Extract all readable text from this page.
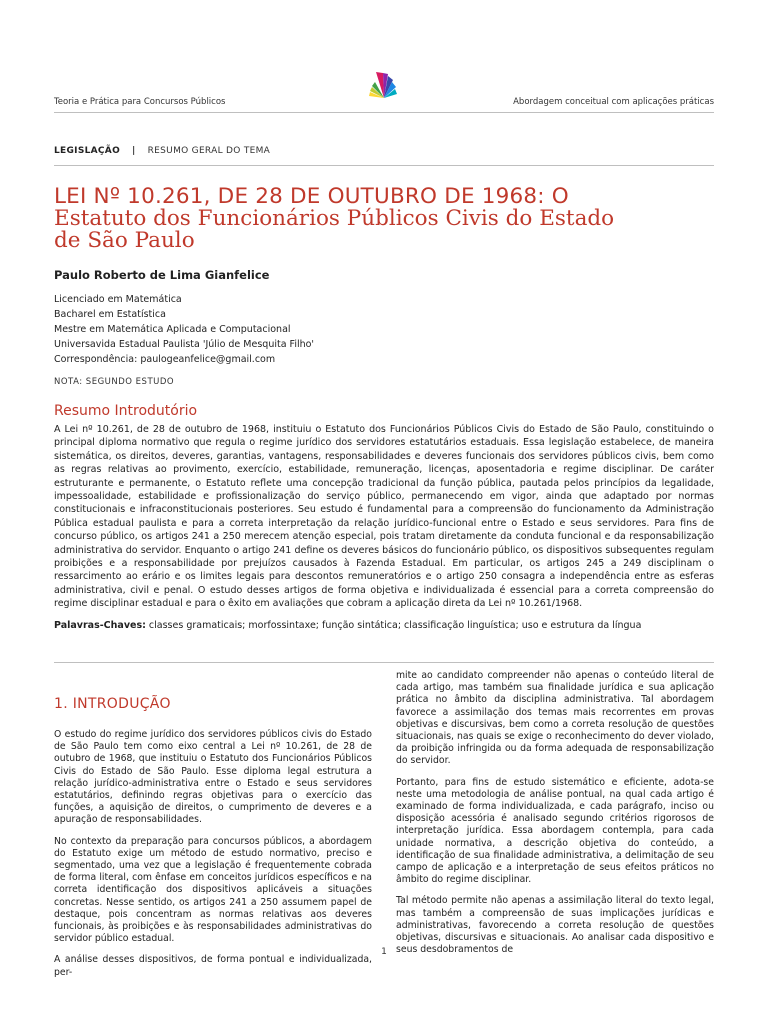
Teoria e Prática para Concursos Públicos	Abordagem conceitual com aplicações práticas
LEGISLAÇÃO | RESUMO GERAL DO TEMA
LEI Nº 10.261, DE 28 DE OUTUBRO DE 1968: O
Estatuto dos Funcionários Públicos Civis do Estado
de São Paulo
Paulo Roberto de Lima Gianfelice
Licenciado em Matemática
Bacharel em Estatística
Mestre em Matemática Aplicada e Computacional
Universavida Estadual Paulista 'Júlio de Mesquita Filho'
Correspondência: paulogeanfelice@gmail.com
NOTA: SEGUNDO ESTUDO
Resumo Introdutório
A Lei nº 10.261, de 28 de outubro de 1968, instituiu o Estatuto dos Funcionários Públicos Civis do Estado de São Paulo, constituindo o principal diploma normativo que regula o regime jurídico dos servidores estatutários estaduais. Essa legislação estabelece, de maneira sistemática, os direitos, deveres, garantias, vantagens, responsabilidades e deveres funcionais dos servidores públicos civis, bem como as regras relativas ao provimento, exercício, estabilidade, remuneração, licenças, aposentadoria e regime disciplinar. De caráter estruturante e permanente, o Estatuto reflete uma concepção tradicional da função pública, pautada pelos princípios da legalidade, impessoalidade, estabilidade e profissionalização do serviço público, permanecendo em vigor, ainda que adaptado por normas constitucionais e infraconstitucionais posteriores. Seu estudo é fundamental para a compreensão do funcionamento da Administração Pública estadual paulista e para a correta interpretação da relação jurídico-funcional entre o Estado e seus servidores. Para fins de concurso público, os artigos 241 a 250 merecem atenção especial, pois tratam diretamente da conduta funcional e da responsabilização administrativa do servidor. Enquanto o artigo 241 define os deveres básicos do funcionário público, os dispositivos subsequentes regulam proibições e a responsabilidade por prejuízos causados à Fazenda Estadual. Em particular, os artigos 245 a 249 disciplinam o ressarcimento ao erário e os limites legais para descontos remuneratórios e o artigo 250 consagra a independência entre as esferas administrativa, civil e penal. O estudo desses artigos de forma objetiva e individualizada é essencial para a correta compreensão do regime disciplinar estadual e para o êxito em avaliações que cobram a aplicação direta da Lei nº 10.261/1968.
Palavras-Chaves: classes gramaticais; morfossintaxe; função sintática; classificação linguística; uso e estrutura da língua
1. INTRODUÇÃO

O estudo do regime jurídico dos servidores públicos civis do Estado de São Paulo tem como eixo central a Lei nº 10.261, de 28 de outubro de 1968, que instituiu o Estatuto dos Funcionários Públicos Civis do Estado de São Paulo. Esse diploma legal estrutura a relação jurídico-administrativa entre o Estado e seus servidores estatutários, definindo regras objetivas para o exercício das funções, a aquisição de direitos, o cumprimento de deveres e a apuração de responsabilidades.

No contexto da preparação para concursos públicos, a abordagem do Estatuto exige um método de estudo normativo, preciso e segmentado, uma vez que a legislação é frequentemente cobrada de forma literal, com ênfase em conceitos jurídicos específicos e na correta identificação dos dispositivos aplicáveis a situações concretas. Nesse sentido, os artigos 241 a 250 assumem papel de destaque, pois concentram as normas relativas aos deveres funcionais, às proibições e às responsabilidades administrativas do servidor público estadual.

A análise desses dispositivos, de forma pontual e individualizada, per-

mite ao candidato compreender não apenas o conteúdo literal de cada artigo, mas também sua finalidade jurídica e sua aplicação prática no âmbito da disciplina administrativa. Tal abordagem favorece a assimilação dos temas mais recorrentes em provas objetivas e discursivas, bem como a correta resolução de questões situacionais, nas quais se exige o reconhecimento do dever violado, da proibição infringida ou da forma adequada de responsabilização do servidor.

Portanto, para fins de estudo sistemático e eficiente, adota-se neste uma metodologia de análise pontual, na qual cada artigo é examinado de forma individualizada, e cada parágrafo, inciso ou disposição acessória é analisado segundo critérios rigorosos de interpretação jurídica. Essa abordagem contempla, para cada unidade normativa, a descrição objetiva do conteúdo, a identificação de sua finalidade administrativa, a delimitação de seu campo de aplicação e a interpretação de seus efeitos práticos no âmbito do regime disciplinar.

Tal método permite não apenas a assimilação literal do texto legal, mas também a compreensão de suas implicações jurídicas e administrativas, favorecendo a correta resolução de questões objetivas, discursivas e situacionais. Ao analisar cada dispositivo e seus desdobramentos de

1
